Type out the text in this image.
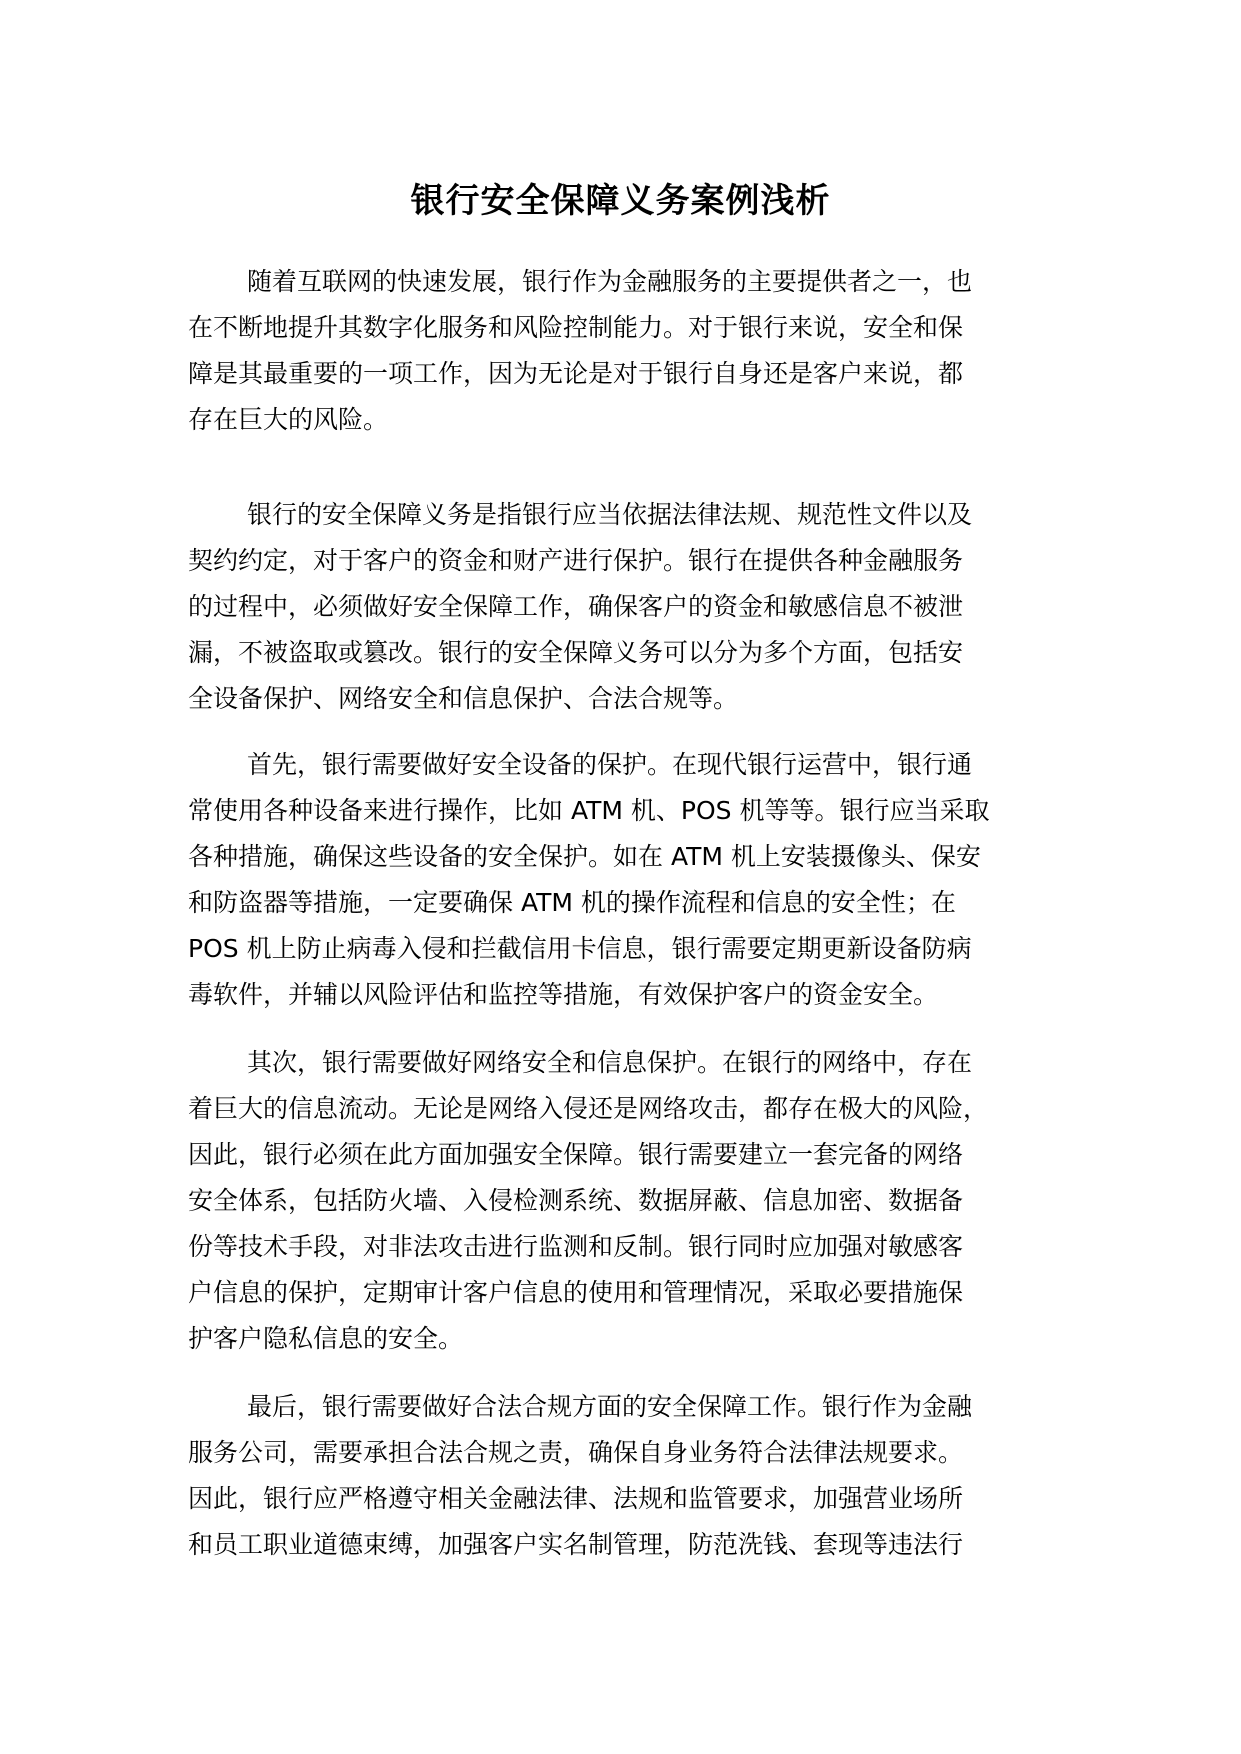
银行安全保障义务案例浅析
随着互联网的快速发展，银行作为金融服务的主要提供者之一，也
在不断地提升其数字化服务和风险控制能力。对于银行来说，安全和保
障是其最重要的一项工作，因为无论是对于银行自身还是客户来说，都
存在巨大的风险。
银行的安全保障义务是指银行应当依据法律法规、规范性文件以及
契约约定，对于客户的资金和财产进行保护。银行在提供各种金融服务
的过程中，必须做好安全保障工作，确保客户的资金和敏感信息不被泄
漏，不被盗取或篡改。银行的安全保障义务可以分为多个方面，包括安
全设备保护、网络安全和信息保护、合法合规等。
首先，银行需要做好安全设备的保护。在现代银行运营中，银行通
常使用各种设备来进行操作，比如 ATM 机、POS 机等等。银行应当采取
各种措施，确保这些设备的安全保护。如在 ATM 机上安装摄像头、保安
和防盗器等措施，一定要确保 ATM 机的操作流程和信息的安全性；在
POS 机上防止病毒入侵和拦截信用卡信息，银行需要定期更新设备防病
毒软件，并辅以风险评估和监控等措施，有效保护客户的资金安全。
其次，银行需要做好网络安全和信息保护。在银行的网络中，存在
着巨大的信息流动。无论是网络入侵还是网络攻击，都存在极大的风险，
因此，银行必须在此方面加强安全保障。银行需要建立一套完备的网络
安全体系，包括防火墙、入侵检测系统、数据屏蔽、信息加密、数据备
份等技术手段，对非法攻击进行监测和反制。银行同时应加强对敏感客
户信息的保护，定期审计客户信息的使用和管理情况，采取必要措施保
护客户隐私信息的安全。
最后，银行需要做好合法合规方面的安全保障工作。银行作为金融
服务公司，需要承担合法合规之责，确保自身业务符合法律法规要求。
因此，银行应严格遵守相关金融法律、法规和监管要求，加强营业场所
和员工职业道德束缚，加强客户实名制管理，防范洗钱、套现等违法行
